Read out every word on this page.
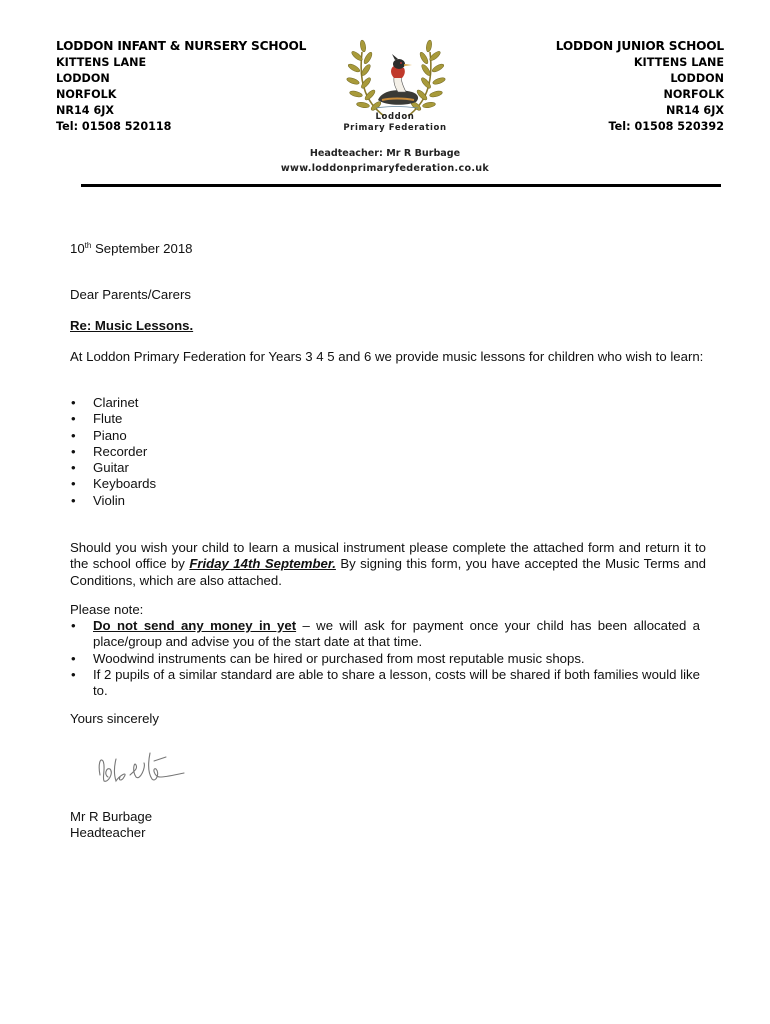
LODDON INFANT & NURSERY SCHOOL
KITTENS LANE
LODDON
NORFOLK
NR14 6JX
Tel: 01508 520118
LODDON JUNIOR SCHOOL
KITTENS LANE
LODDON
NORFOLK
NR14 6JX
Tel: 01508 520392
Loddon
Primary Federation
Headteacher: Mr R Burbage
www.loddonprimaryfederation.co.uk
10th September 2018
Dear Parents/Carers
Re: Music Lessons.
At Loddon Primary Federation for Years 3 4 5 and 6 we provide music lessons for children who wish to learn:
• Clarinet
• Flute
• Piano
• Recorder
• Guitar
• Keyboards
• Violin
Should you wish your child to learn a musical instrument please complete the attached form and return it to the school office by Friday 14th September. By signing this form, you have accepted the Music Terms and Conditions, which are also attached.
Please note:
• Do not send any money in yet – we will ask for payment once your child has been allocated a place/group and advise you of the start date at that time.
• Woodwind instruments can be hired or purchased from most reputable music shops.
• If 2 pupils of a similar standard are able to share a lesson, costs will be shared if both families would like to.
Yours sincerely
Mr R Burbage
Headteacher
